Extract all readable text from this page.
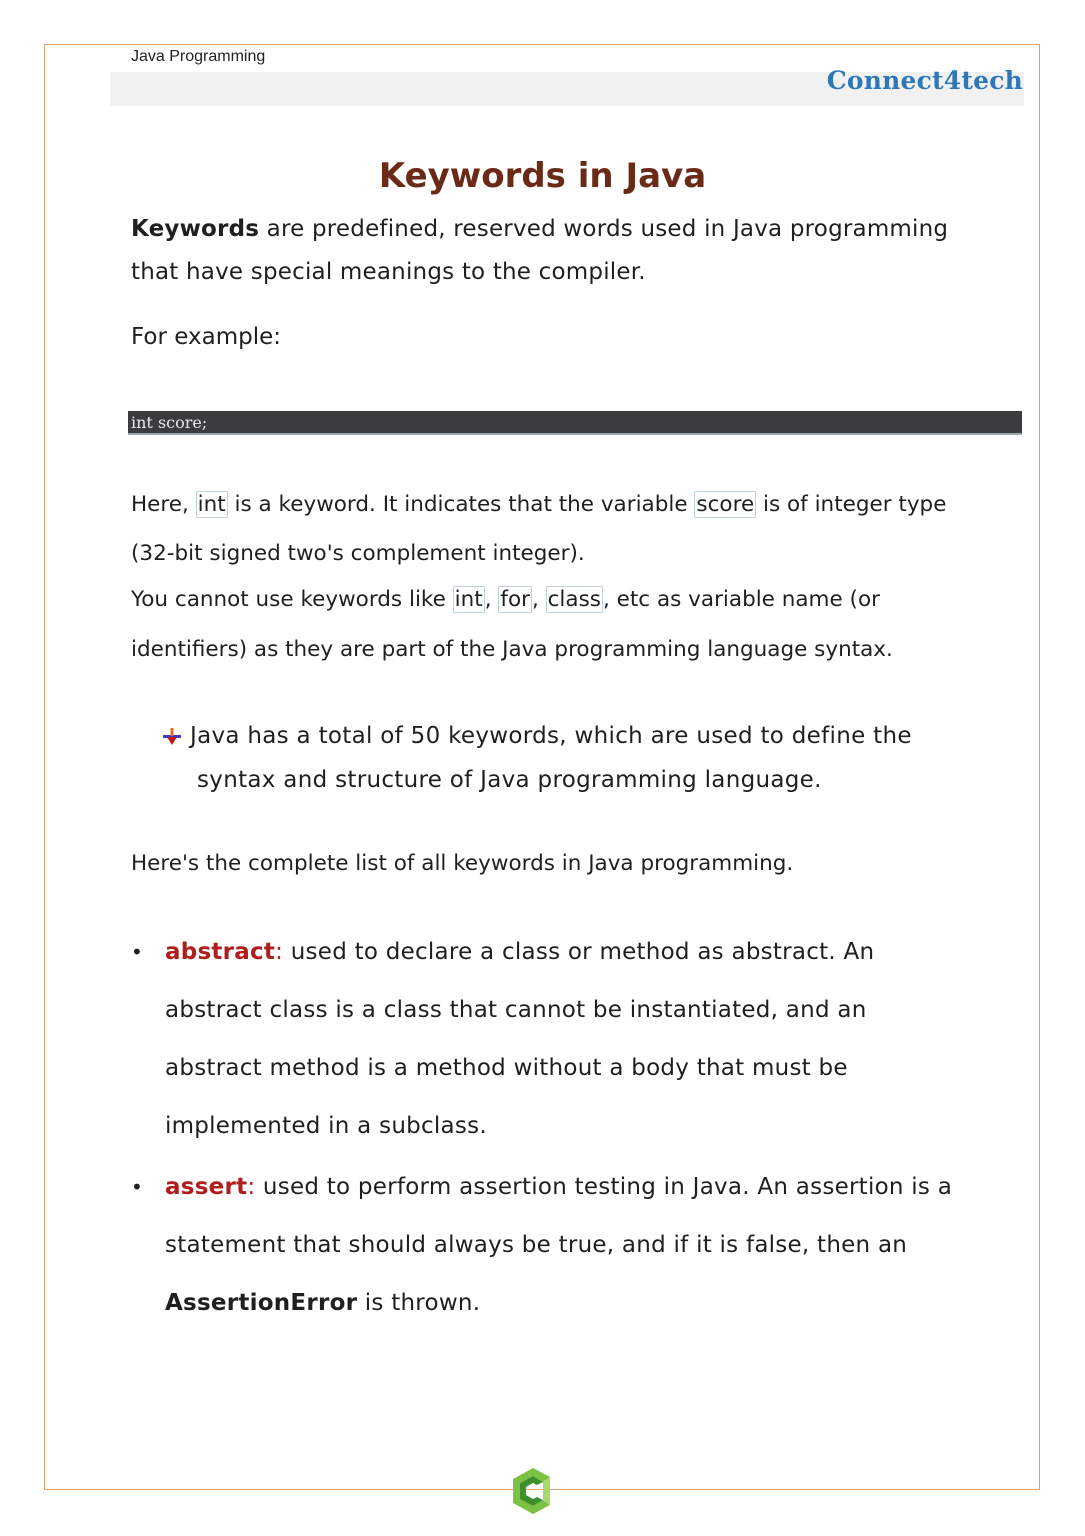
Java Programming
Connect4tech
Keywords in Java
Keywords are predefined, reserved words used in Java programming that have special meanings to the compiler.
For example:
int score;
Here, int is a keyword. It indicates that the variable score is of integer type (32-bit signed two's complement integer).
You cannot use keywords like int, for, class, etc as variable name (or identifiers) as they are part of the Java programming language syntax.
Java has a total of 50 keywords, which are used to define the
syntax and structure of Java programming language.
Here's the complete list of all keywords in Java programming.
• abstract: used to declare a class or method as abstract. An abstract class is a class that cannot be instantiated, and an abstract method is a method without a body that must be implemented in a subclass.
• assert: used to perform assertion testing in Java. An assertion is a statement that should always be true, and if it is false, then an AssertionError is thrown.
